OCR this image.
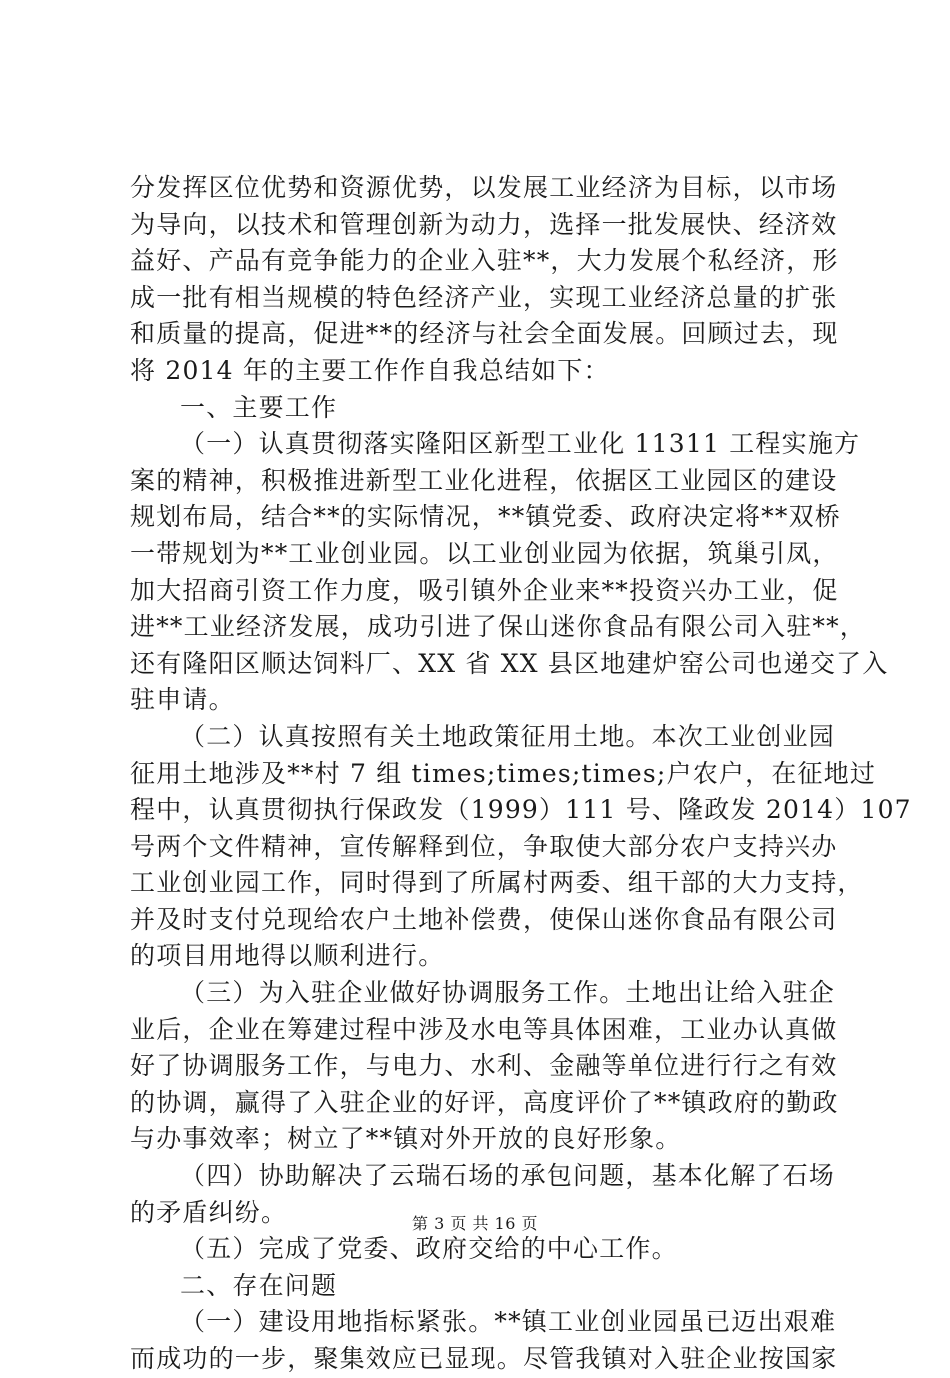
分发挥区位优势和资源优势，以发展工业经济为目标，以市场
为导向，以技术和管理创新为动力，选择一批发展快、经济效
益好、产品有竞争能力的企业入驻**，大力发展个私经济，形
成一批有相当规模的特色经济产业，实现工业经济总量的扩张
和质量的提高，促进**的经济与社会全面发展。回顾过去，现
将 2014 年的主要工作作自我总结如下：
一、主要工作
（一）认真贯彻落实隆阳区新型工业化 11311 工程实施方
案的精神，积极推进新型工业化进程，依据区工业园区的建设
规划布局，结合**的实际情况，**镇党委、政府决定将**双桥
一带规划为**工业创业园。以工业创业园为依据，筑巢引凤，
加大招商引资工作力度，吸引镇外企业来**投资兴办工业，促
进**工业经济发展，成功引进了保山迷你食品有限公司入驻**，
还有隆阳区顺达饲料厂、XX 省 XX 县区地建炉窑公司也递交了入
驻申请。
（二）认真按照有关土地政策征用土地。本次工业创业园
征用土地涉及**村 7 组 times;times;times;户农户，在征地过
程中，认真贯彻执行保政发（1999）111 号、隆政发 2014）107
号两个文件精神，宣传解释到位，争取使大部分农户支持兴办
工业创业园工作，同时得到了所属村两委、组干部的大力支持，
并及时支付兑现给农户土地补偿费，使保山迷你食品有限公司
的项目用地得以顺利进行。
（三）为入驻企业做好协调服务工作。土地出让给入驻企
业后，企业在筹建过程中涉及水电等具体困难，工业办认真做
好了协调服务工作，与电力、水利、金融等单位进行行之有效
的协调，赢得了入驻企业的好评，高度评价了**镇政府的勤政
与办事效率；树立了**镇对外开放的良好形象。
（四）协助解决了云瑞石场的承包问题，基本化解了石场
的矛盾纠纷。
（五）完成了党委、政府交给的中心工作。
二、存在问题
（一）建设用地指标紧张。**镇工业创业园虽已迈出艰难
而成功的一步，聚集效应已显现。尽管我镇对入驻企业按国家
第 3 页 共 16 页
